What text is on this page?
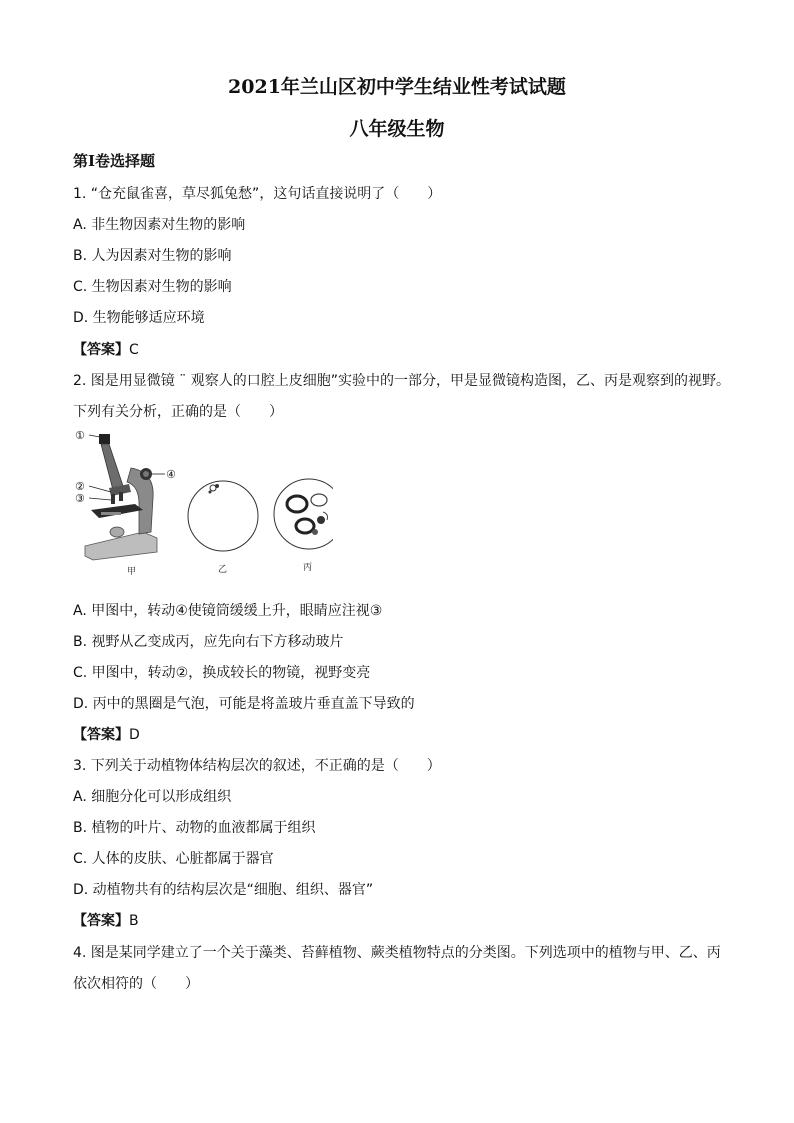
2021年兰山区初中学生结业性考试试题
八年级生物
第Ⅰ卷选择题
1. “仓充鼠雀喜，草尽狐兔愁”，这句话直接说明了（　　）
A. 非生物因素对生物的影响
B. 人为因素对生物的影响
C. 生物因素对生物的影响
D. 生物能够适应环境
【答案】C
2. 图是用显微镜 ¨ 观察人的口腔上皮细胞”实验中的一部分，甲是显微镜构造图，乙、丙是观察到的视野。
下列有关分析，正确的是（　　）
①
②
③
④
甲	乙	丙
A. 甲图中，转动④使镜筒缓缓上升，眼睛应注视③
B. 视野从乙变成丙，应先向右下方移动玻片
C. 甲图中，转动②，换成较长的物镜，视野变亮
D. 丙中的黑圈是气泡，可能是将盖玻片垂直盖下导致的
【答案】D
3. 下列关于动植物体结构层次的叙述，不正确的是（　　）
A. 细胞分化可以形成组织
B. 植物的叶片、动物的血液都属于组织
C. 人体的皮肤、心脏都属于器官
D. 动植物共有的结构层次是“细胞、组织、器官”
【答案】B
4. 图是某同学建立了一个关于藻类、苔藓植物、蕨类植物特点的分类图。下列选项中的植物与甲、乙、丙
依次相符的（　　）
